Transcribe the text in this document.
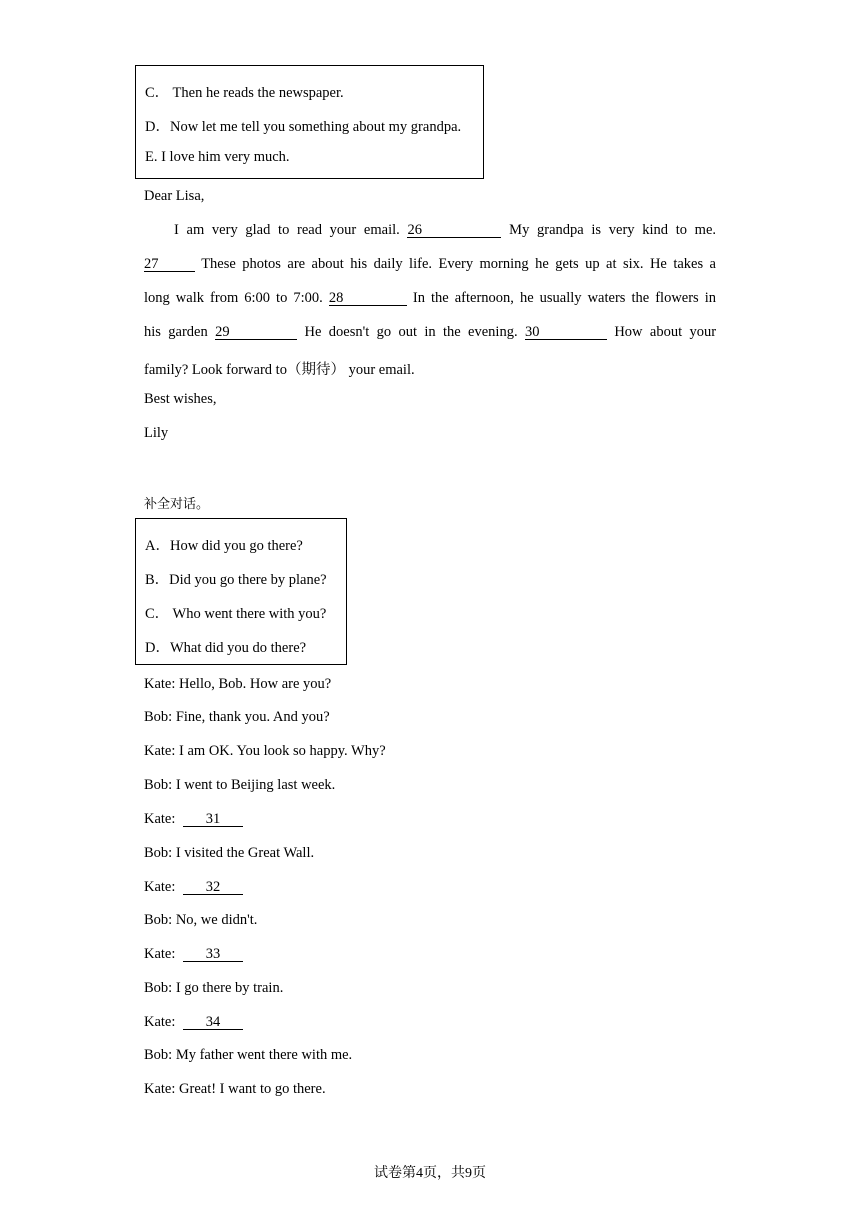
C． Then he reads the newspaper.
D．Now let me tell you something about my grandpa.
E. I love him very much.
Dear Lisa,
I am very glad to read your email. 26	My grandpa is very kind to me.
27	These photos are about his daily life. Every morning he gets up at six. He takes a
long walk from 6:00 to 7:00. 28	In the afternoon, he usually waters the flowers in
his garden 29	He doesn't go out in the evening. 30	How about your
family? Look forward to（期待） your email.
Best wishes,
Lily
补全对话。
A．How did you go there?
B．Did you go there by plane?
C． Who went there with you?
D．What did you do there?
Kate: Hello, Bob. How are you?
Bob: Fine, thank you. And you?
Kate: I am OK. You look so happy. Why?
Bob: I went to Beijing last week.
Kate: 31
Bob: I visited the Great Wall.
Kate: 32
Bob: No, we didn't.
Kate: 33
Bob: I go there by train.
Kate: 34
Bob: My father went there with me.
Kate: Great! I want to go there.
试卷第4页，共9页
